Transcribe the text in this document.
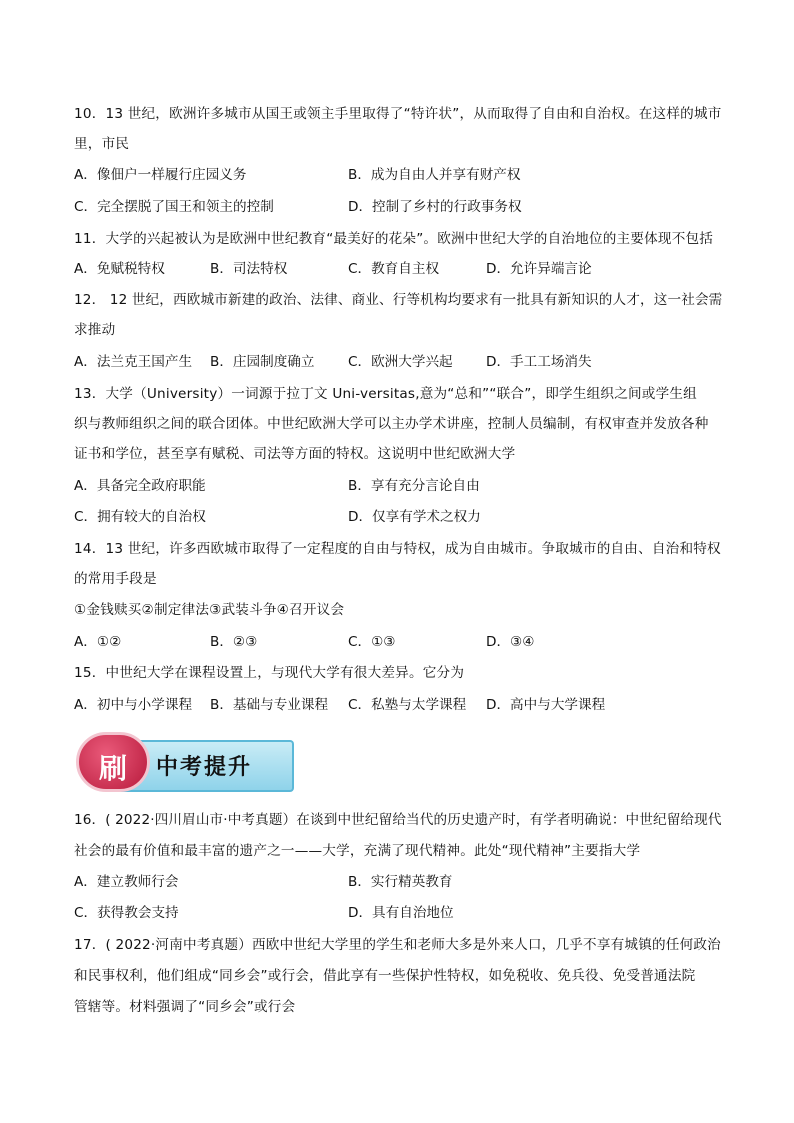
10．13 世纪，欧洲许多城市从国王或领主手里取得了“特许状”，从而取得了自由和自治权。在这样的城市
里，市民
A．像佃户一样履行庄园义务	B．成为自由人并享有财产权
C．完全摆脱了国王和领主的控制	D．控制了乡村的行政事务权
11．大学的兴起被认为是欧洲中世纪教育“最美好的花朵”。欧洲中世纪大学的自治地位的主要体现不包括
A．免赋税特权	B．司法特权	C．教育自主权	D．允许异端言论
12． 12 世纪，西欧城市新建的政治、法律、商业、行等机构均要求有一批具有新知识的人才，这一社会需
求推动
A．法兰克王国产生 B．庄园制度确立 C．欧洲大学兴起 D．手工工场消失
13．大学（University）一词源于拉丁文 Uni-versitas,意为“总和”“联合”，即学生组织之间或学生组
织与教师组织之间的联合团体。中世纪欧洲大学可以主办学术讲座，控制人员编制，有权审查并发放各种
证书和学位，甚至享有赋税、司法等方面的特权。这说明中世纪欧洲大学
A．具备完全政府职能	B．享有充分言论自由
C．拥有较大的自治权	D．仅享有学术之权力
14．13 世纪，许多西欧城市取得了一定程度的自由与特权，成为自由城市。争取城市的自由、自治和特权
的常用手段是
①金钱赎买②制定律法③武装斗争④召开议会
A．①②	B．②③	C．①③	D．③④
15．中世纪大学在课程设置上，与现代大学有很大差异。它分为
A．初中与小学课程 B．基础与专业课程 C．私塾与太学课程 D．高中与大学课程
中考提升
刷
16．( 2022·四川眉山市·中考真题）在谈到中世纪留给当代的历史遗产时，有学者明确说：中世纪留给现代
社会的最有价值和最丰富的遗产之一——大学，充满了现代精神。此处“现代精神”主要指大学
A．建立教师行会	B．实行精英教育
C．获得教会支持	D．具有自治地位
17．( 2022·河南中考真题）西欧中世纪大学里的学生和老师大多是外来人口，几乎不享有城镇的任何政治
和民事权利，他们组成“同乡会”或行会，借此享有一些保护性特权，如免税收、免兵役、免受普通法院
管辖等。材料强调了“同乡会”或行会
